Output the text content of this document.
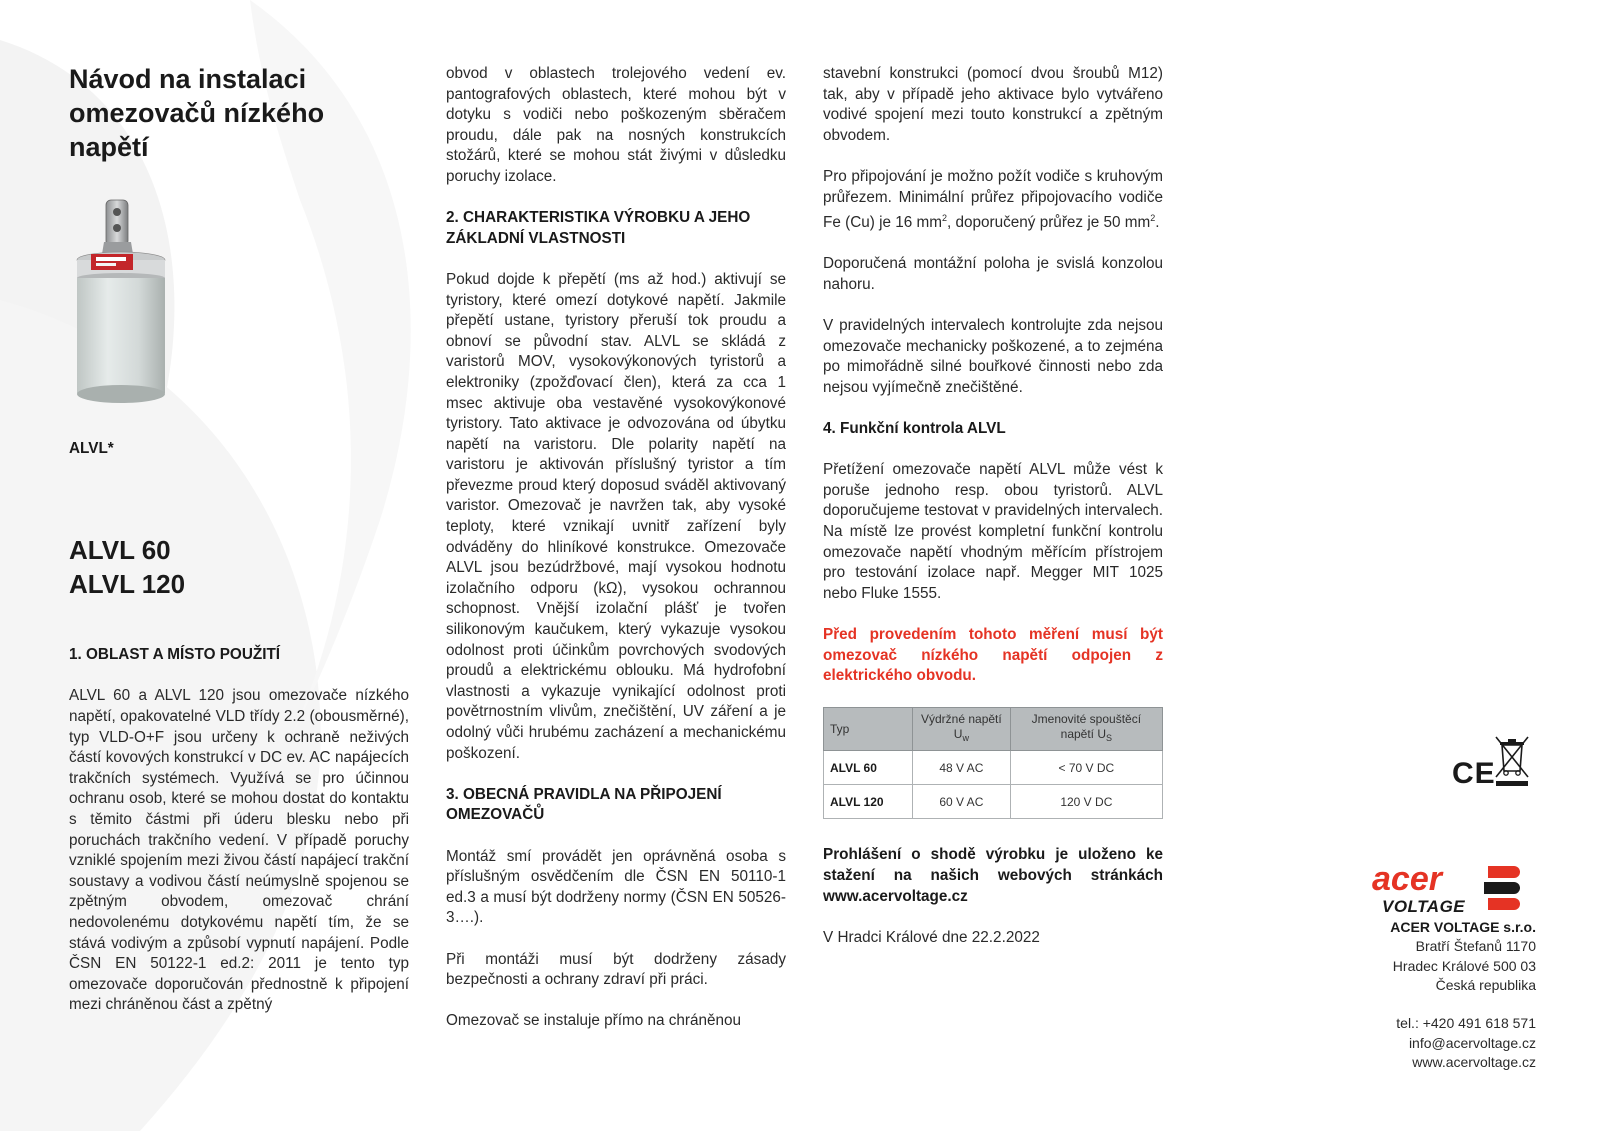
Návod na instalaci
omezovačů nízkého
napětí
ALVL*
ALVL 60
ALVL 120
1. OBLAST A MÍSTO POUŽITÍ

ALVL 60 a ALVL 120 jsou omezovače nízkého napětí, opakovatelné VLD třídy 2.2 (obousměrné), typ VLD-O+F jsou určeny k ochraně neživých částí kovových konstrukcí v DC ev. AC napájecích trakčních systémech. Využívá se pro účinnou ochranu osob, které se mohou dostat do kontaktu s těmito částmi při úderu blesku nebo při poruchách trakčního vedení. V případě poruchy vzniklé spojením mezi živou částí napájecí trakční soustavy a vodivou částí neúmyslně spojenou se zpětným obvodem, omezovač chrání nedovolenému dotykovému napětí tím, že se stává vodivým a způsobí vypnutí napájení. Podle ČSN EN 50122-1 ed.2: 2011 je tento typ omezovače doporučován přednostně k připojení mezi chráněnou část a zpětný

obvod v oblastech trolejového vedení ev. pantografových oblastech, které mohou být v dotyku s vodiči nebo poškozeným sběračem proudu, dále pak na nosných konstrukcích stožárů, které se mohou stát živými v důsledku poruchy izolace.

2. CHARAKTERISTIKA VÝROBKU A JEHO ZÁKLADNÍ VLASTNOSTI

Pokud dojde k přepětí (ms až hod.) aktivují se tyristory, které omezí dotykové napětí. Jakmile přepětí ustane, tyristory přeruší tok proudu a obnoví se původní stav. ALVL se skládá z varistorů MOV, vysokovýkonových tyristorů a elektroniky (zpožďovací člen), která za cca 1 msec aktivuje oba vestavěné vysokovýkonové tyristory. Tato aktivace je odvozována od úbytku napětí na varistoru. Dle polarity napětí na varistoru je aktivován příslušný tyristor a tím převezme proud který doposud sváděl aktivovaný varistor. Omezovač je navržen tak, aby vysoké teploty, které vznikají uvnitř zařízení byly odváděny do hliníkové konstrukce. Omezovače ALVL jsou bezúdržbové, mají vysokou hodnotu izolačního odporu (kΩ), vysokou ochrannou schopnost. Vnější izolační plášť je tvořen silikonovým kaučukem, který vykazuje vysokou odolnost proti účinkům povrchových svodových proudů a elektrickému oblouku. Má hydrofobní vlastnosti a vykazuje vynikající odolnost proti povětrnostním vlivům, znečištění, UV záření a je odolný vůči hrubému zacházení a mechanickému poškození.

3. OBECNÁ PRAVIDLA NA PŘIPOJENÍ OMEZOVAČŮ

Montáž smí provádět jen oprávněná osoba s příslušným osvědčením dle ČSN EN 50110-1 ed.3 a musí být dodrženy normy (ČSN EN 50526-3….).

Při montáži musí být dodrženy zásady bezpečnosti a ochrany zdraví při práci.

Omezovač se instaluje přímo na chráněnou

stavební konstrukci (pomocí dvou šroubů M12) tak, aby v případě jeho aktivace bylo vytvářeno vodivé spojení mezi touto konstrukcí a zpětným obvodem.

Pro připojování je možno požít vodiče s kruhovým průřezem. Minimální průřez připojovacího vodiče Fe (Cu) je 16 $mm^2$, doporučený průřez je 50 $mm^2$.

Doporučená montážní poloha je svislá konzolou nahoru.

V pravidelných intervalech kontrolujte zda nejsou omezovače mechanicky poškozené, a to zejména po mimořádně silné bouřkové činnosti nebo zda nejsou vyjímečně znečištěné.

4. Funkční kontrola ALVL

Přetížení omezovače napětí ALVL může vést k poruše jednoho resp. obou tyristorů. ALVL doporučujeme testovat v pravidelných intervalech. Na místě lze provést kompletní funkční kontrolu omezovače napětí vhodným měřícím přístrojem pro testování izolace např. Megger MIT 1025 nebo Fluke 1555.

Před provedením tohoto měření musí být omezovač nízkého napětí odpojen z elektrického obvodu.

Typ	Výdržné napětí $U_w$	Jmenovité spouštěcí napětí $U_S$
ALVL 60	48 V AC	< 70 V DC
ALVL 120	60 V AC	120 V DC

Prohlášení o shodě výrobku je uloženo ke stažení na našich webových stránkách www.acervoltage.cz

V Hradci Králové dne 22.2.2022

CE
acer
VOLTAGE
ACER VOLTAGE s.r.o.
Bratří Štefanů 1170
Hradec Králové 500 03
Česká republika
tel.: +420 491 618 571
info@acervoltage.cz
www.acervoltage.cz
